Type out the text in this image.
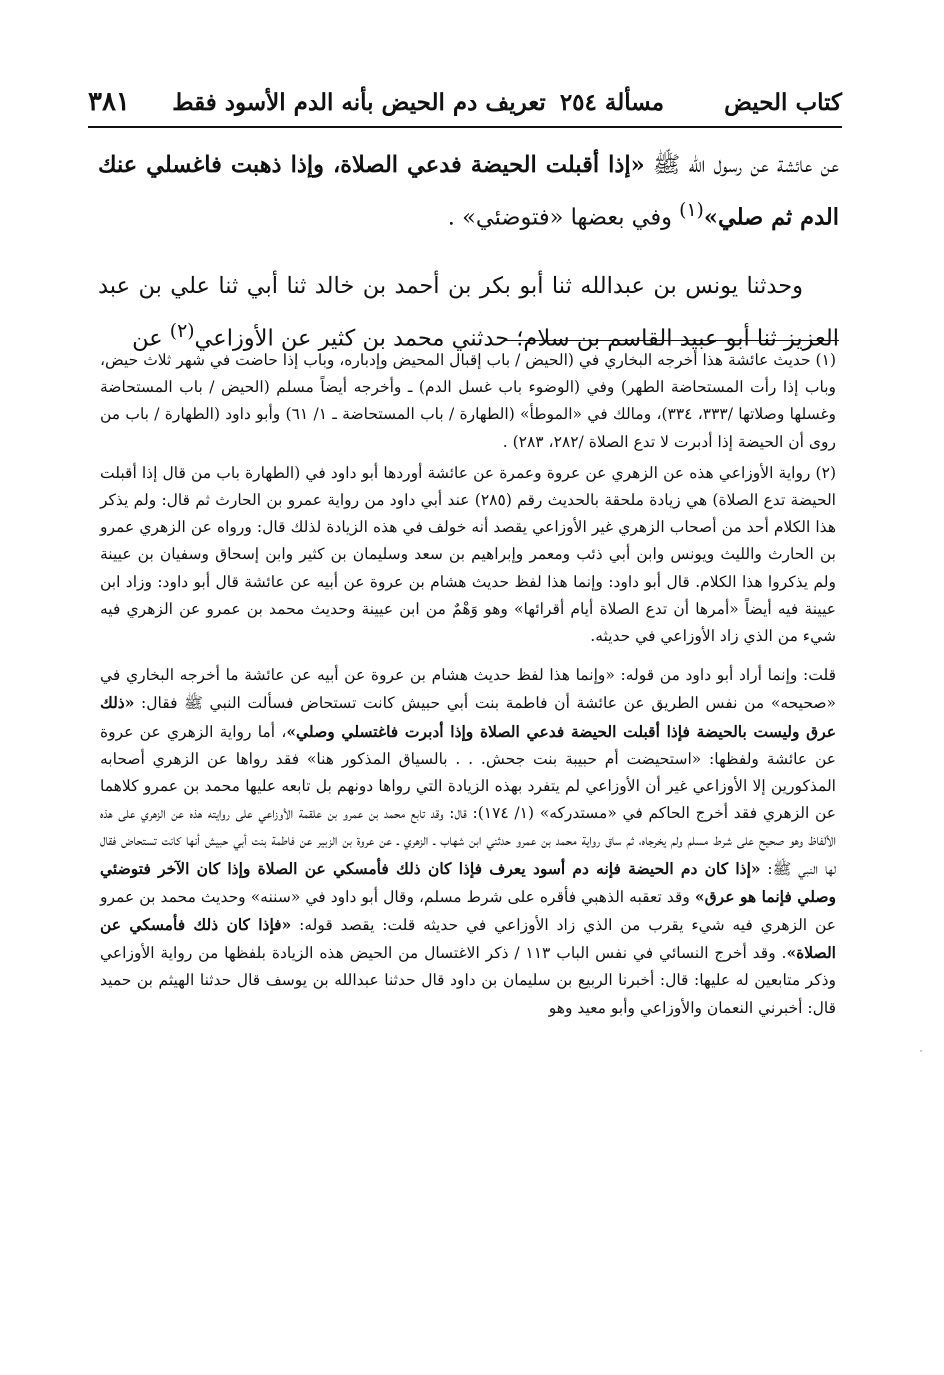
كتاب الحيض
مسألة ٢٥٤
تعريف دم الحيض بأنه الدم الأسود فقط
٣٨١

عن عائشة عن رسول الله ﷺ «إذا أقبلت الحيضة فدعي الصلاة، وإذا ذهبت فاغسلي عنك الدم ثم صلي»$^{(١)}$ وفي بعضها «فتوضئي» .

وحدثنا يونس بن عبدالله ثنا أبو بكر بن أحمد بن خالد ثنا أبي ثنا علي بن عبد العزيز ثنا أبو عبيد القاسم بن سلام؛ حدثني محمد بن كثير عن الأوزاعي$^{(٢)}$ عن

(١) حديث عائشة هذا أخرجه البخاري في (الحيض / باب إقبال المحيض وإدباره، وباب إذا حاضت في شهر ثلاث حيض، وباب إذا رأت المستحاضة الطهر) وفي (الوضوء باب غسل الدم) ـ وأخرجه أيضاً مسلم (الحيض / باب المستحاضة وغسلها وصلاتها /٣٣٣، ٣٣٤)، ومالك في «الموطأ» (الطهارة / باب المستحاضة ـ ١/ ٦١) وأبو داود (الطهارة / باب من روى أن الحيضة إذا أدبرت لا تدع الصلاة /٢٨٢، ٢٨٣) .

(٢) رواية الأوزاعي هذه عن الزهري عن عروة وعمرة عن عائشة أوردها أبو داود في (الطهارة باب من قال إذا أقبلت الحيضة تدع الصلاة) هي زيادة ملحقة بالحديث رقم (٢٨٥) عند أبي داود من رواية عمرو بن الحارث ثم قال: ولم يذكر هذا الكلام أحد من أصحاب الزهري غير الأوزاعي يقصد أنه خولف في هذه الزيادة لذلك قال: ورواه عن الزهري عمرو بن الحارث والليث ويونس وابن أبي ذئب ومعمر وإبراهيم بن سعد وسليمان بن كثير وابن إسحاق وسفيان بن عيينة ولم يذكروا هذا الكلام. قال أبو داود: وإنما هذا لفظ حديث هشام بن عروة عن أبيه عن عائشة قال أبو داود: وزاد ابن عيينة فيه أيضاً «أمرها أن تدع الصلاة أيام أقرائها» وهو وَهْمٌ من ابن عيينة وحديث محمد بن عمرو عن الزهري فيه شيء من الذي زاد الأوزاعي في حديثه.

قلت: وإنما أراد أبو داود من قوله: «وإنما هذا لفظ حديث هشام بن عروة عن أبيه عن عائشة ما أخرجه البخاري في «صحيحه» من نفس الطريق عن عائشة أن فاطمة بنت أبي حبيش كانت تستحاض فسألت النبي ﷺ فقال: «ذلك عرق وليست بالحيضة فإذا أقبلت الحيضة فدعي الصلاة وإذا أدبرت فاغتسلي وصلي»، أما رواية الزهري عن عروة عن عائشة ولفظها: «استحيضت أم حبيبة بنت جحش. . . بالسياق المذكور هنا» فقد رواها عن الزهري أصحابه المذكورين إلا الأوزاعي غير أن الأوزاعي لم يتفرد بهذه الزيادة التي رواها دونهم بل تابعه عليها محمد بن عمرو كلاهما عن الزهري فقد أخرج الحاكم في «مستدركه» (١/ ١٧٤): قال: وقد تابع محمد بن عمرو بن علقمة الأوزاعي على روايته هذه عن الزهري على هذه الألفاظ وهو صحيح على شرط مسلم ولم يخرجاه، ثم ساق رواية محمد بن عمرو حدثني ابن شهاب ـ الزهري ـ عن عروة بن الزبير عن فاطمة بنت أبي حبيش أنها كانت تستحاض فقال لها النبي ﷺ: «إذا كان دم الحيضة فإنه دم أسود يعرف فإذا كان ذلك فأمسكي عن الصلاة وإذا كان الآخر فتوضئي وصلي فإنما هو عرق» وقد تعقبه الذهبي فأقره على شرط مسلم، وقال أبو داود في «سننه» وحديث محمد بن عمرو عن الزهري فيه شيء يقرب من الذي زاد الأوزاعي في حديثه قلت: يقصد قوله: «فإذا كان ذلك فأمسكي عن الصلاة». وقد أخرج النسائي في نفس الباب ١١٣ / ذكر الاغتسال من الحيض هذه الزيادة بلفظها من رواية الأوزاعي وذكر متابعين له عليها: قال: أخبرنا الربيع بن سليمان بن داود قال حدثنا عبدالله بن يوسف قال حدثنا الهيثم بن حميد قال: أخبرني النعمان والأوزاعي وأبو معيد وهو
